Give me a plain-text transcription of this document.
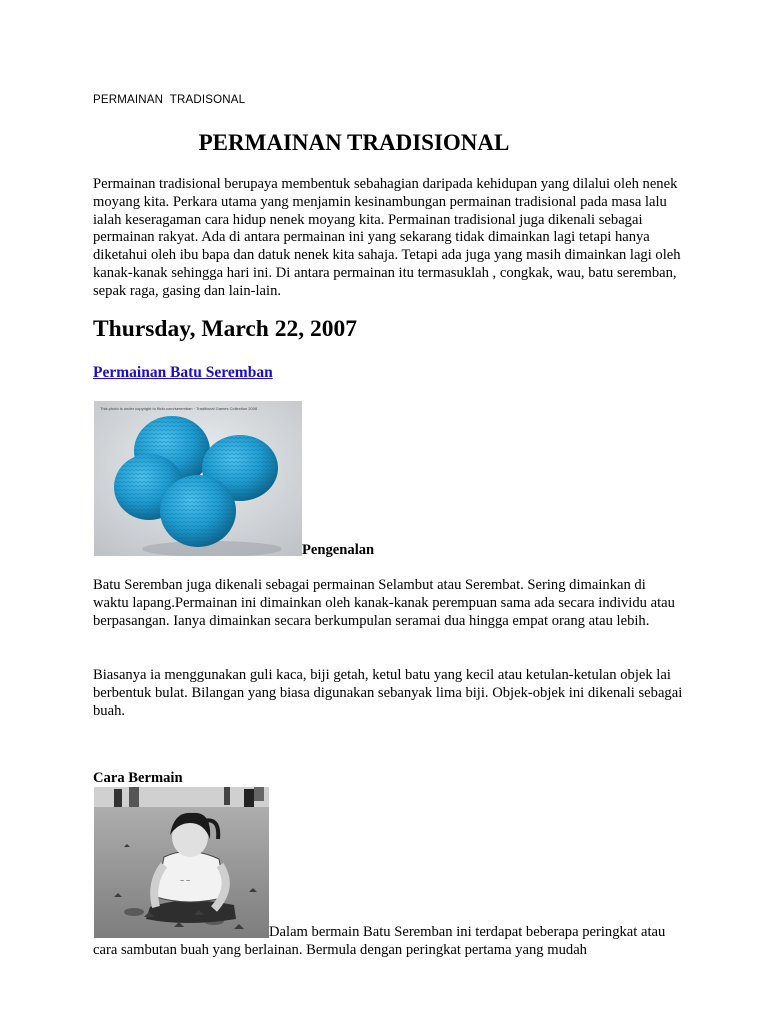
PERMAINAN  TRADISONAL
PERMAINAN TRADISIONAL

Permainan tradisional berupaya membentuk sebahagian daripada kehidupan yang dilalui oleh nenek moyang kita. Perkara utama yang menjamin kesinambungan permainan tradisional pada masa lalu ialah keseragaman cara hidup nenek moyang kita. Permainan tradisional juga dikenali sebagai permainan rakyat. Ada di antara permainan ini yang sekarang tidak dimainkan lagi tetapi hanya diketahui oleh ibu bapa dan datuk nenek kita sahaja. Tetapi ada juga yang masih dimainkan lagi oleh kanak-kanak sehingga hari ini. Di antara permainan itu termasuklah , congkak, wau, batu seremban, sepak raga, gasing dan lain-lain.

Thursday, March 22, 2007
Permainan Batu Seremban
This photo is under copyright to flickr.com/seremban · Traditional Games Collection 2006
Pengenalan

Batu Seremban juga dikenali sebagai permainan Selambut atau Serembat. Sering dimainkan di waktu lapang.Permainan ini dimainkan oleh kanak-kanak perempuan sama ada secara individu atau berpasangan. Ianya dimainkan secara berkumpulan seramai dua hingga empat orang atau lebih.

Biasanya ia menggunakan guli kaca, biji getah, ketul batu yang kecil atau ketulan-ketulan objek lai berbentuk bulat. Bilangan yang biasa digunakan sebanyak lima biji. Objek-objek ini dikenali sebagai buah.

Cara Bermain
~ ~

Dalam bermain Batu Seremban ini terdapat beberapa peringkat atau cara sambutan buah yang berlainan. Bermula dengan peringkat pertama yang mudah
